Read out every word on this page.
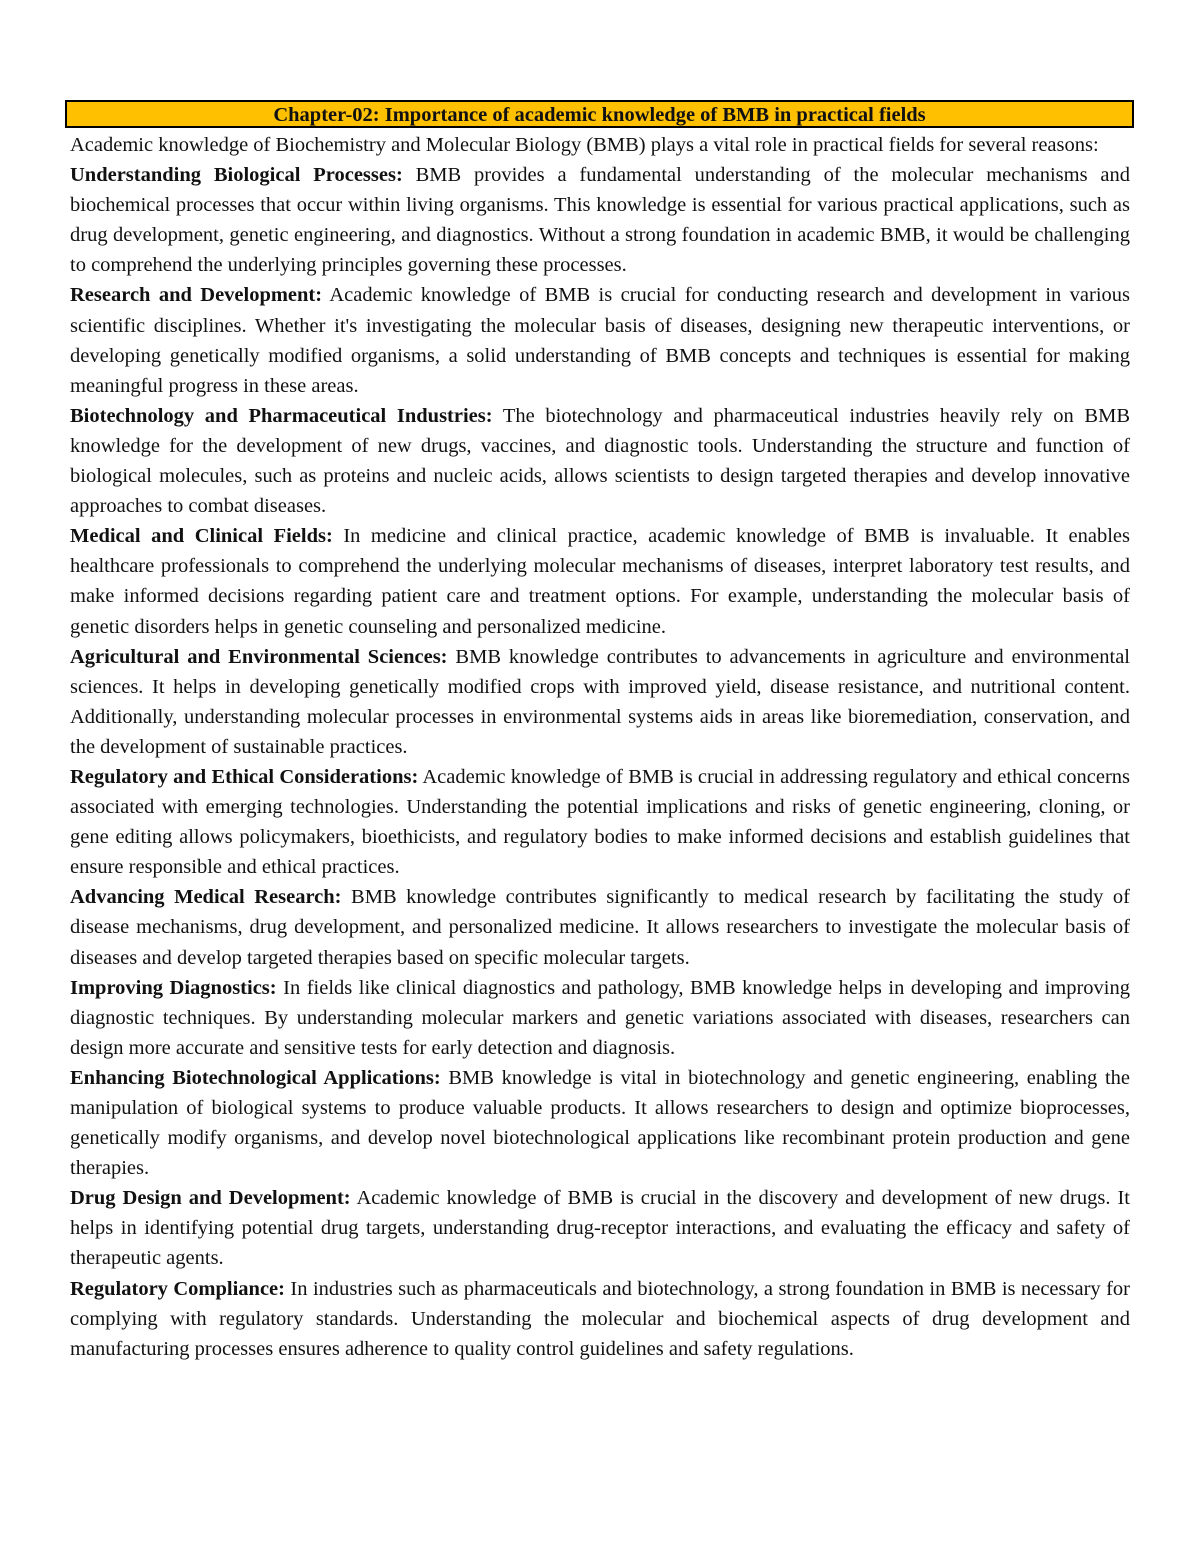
Chapter-02: Importance of academic knowledge of BMB in practical fields

Academic knowledge of Biochemistry and Molecular Biology (BMB) plays a vital role in practical fields for several reasons:

Understanding Biological Processes: BMB provides a fundamental understanding of the molecular mechanisms and biochemical processes that occur within living organisms. This knowledge is essential for various practical applications, such as drug development, genetic engineering, and diagnostics. Without a strong foundation in academic BMB, it would be challenging to comprehend the underlying principles governing these processes.

Research and Development: Academic knowledge of BMB is crucial for conducting research and development in various scientific disciplines. Whether it's investigating the molecular basis of diseases, designing new therapeutic interventions, or developing genetically modified organisms, a solid understanding of BMB concepts and techniques is essential for making meaningful progress in these areas.

Biotechnology and Pharmaceutical Industries: The biotechnology and pharmaceutical industries heavily rely on BMB knowledge for the development of new drugs, vaccines, and diagnostic tools. Understanding the structure and function of biological molecules, such as proteins and nucleic acids, allows scientists to design targeted therapies and develop innovative approaches to combat diseases.

Medical and Clinical Fields: In medicine and clinical practice, academic knowledge of BMB is invaluable. It enables healthcare professionals to comprehend the underlying molecular mechanisms of diseases, interpret laboratory test results, and make informed decisions regarding patient care and treatment options. For example, understanding the molecular basis of genetic disorders helps in genetic counseling and personalized medicine.

Agricultural and Environmental Sciences: BMB knowledge contributes to advancements in agriculture and environmental sciences. It helps in developing genetically modified crops with improved yield, disease resistance, and nutritional content. Additionally, understanding molecular processes in environmental systems aids in areas like bioremediation, conservation, and the development of sustainable practices.

Regulatory and Ethical Considerations: Academic knowledge of BMB is crucial in addressing regulatory and ethical concerns associated with emerging technologies. Understanding the potential implications and risks of genetic engineering, cloning, or gene editing allows policymakers, bioethicists, and regulatory bodies to make informed decisions and establish guidelines that ensure responsible and ethical practices.

Advancing Medical Research: BMB knowledge contributes significantly to medical research by facilitating the study of disease mechanisms, drug development, and personalized medicine. It allows researchers to investigate the molecular basis of diseases and develop targeted therapies based on specific molecular targets.

Improving Diagnostics: In fields like clinical diagnostics and pathology, BMB knowledge helps in developing and improving diagnostic techniques. By understanding molecular markers and genetic variations associated with diseases, researchers can design more accurate and sensitive tests for early detection and diagnosis.

Enhancing Biotechnological Applications: BMB knowledge is vital in biotechnology and genetic engineering, enabling the manipulation of biological systems to produce valuable products. It allows researchers to design and optimize bioprocesses, genetically modify organisms, and develop novel biotechnological applications like recombinant protein production and gene therapies.

Drug Design and Development: Academic knowledge of BMB is crucial in the discovery and development of new drugs. It helps in identifying potential drug targets, understanding drug-receptor interactions, and evaluating the efficacy and safety of therapeutic agents.

Regulatory Compliance: In industries such as pharmaceuticals and biotechnology, a strong foundation in BMB is necessary for complying with regulatory standards. Understanding the molecular and biochemical aspects of drug development and manufacturing processes ensures adherence to quality control guidelines and safety regulations.
